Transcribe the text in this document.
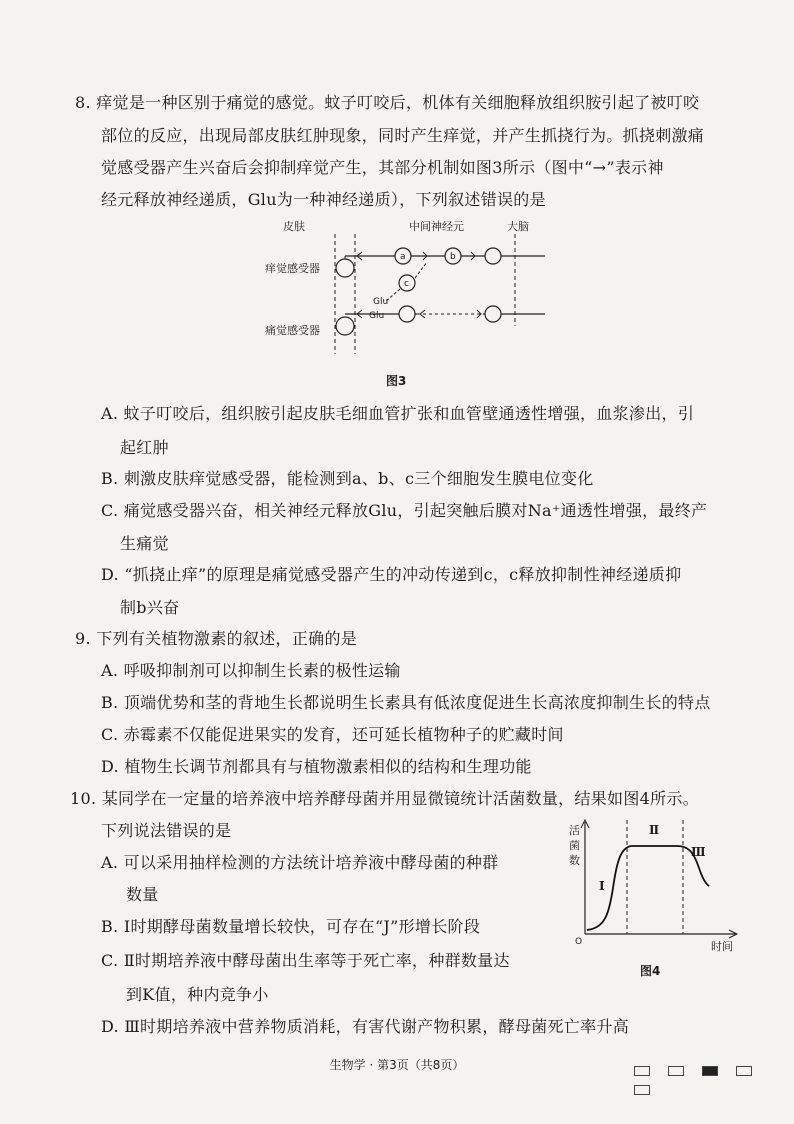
8. 痒觉是一种区别于痛觉的感觉。蚊子叮咬后，机体有关细胞释放组织胺引起了被叮咬
部位的反应，出现局部皮肤红肿现象，同时产生痒觉，并产生抓挠行为。抓挠刺激痛
觉感受器产生兴奋后会抑制痒觉产生，其部分机制如图3所示（图中“→”表示神
经元释放神经递质，Glu为一种神经递质），下列叙述错误的是
皮肤	中间神经元	大脑
痒觉感受器
痛觉感受器
a	b
c
Glu
Glu
图3
A. 蚊子叮咬后，组织胺引起皮肤毛细血管扩张和血管壁通透性增强，血浆渗出，引
起红肿
B. 刺激皮肤痒觉感受器，能检测到a、b、c三个细胞发生膜电位变化
C. 痛觉感受器兴奋，相关神经元释放Glu，引起突触后膜对Na⁺通透性增强，最终产
生痛觉
D. “抓挠止痒”的原理是痛觉感受器产生的冲动传递到c，c释放抑制性神经递质抑
制b兴奋
9. 下列有关植物激素的叙述，正确的是
A. 呼吸抑制剂可以抑制生长素的极性运输
B. 顶端优势和茎的背地生长都说明生长素具有低浓度促进生长高浓度抑制生长的特点
C. 赤霉素不仅能促进果实的发育，还可延长植物种子的贮藏时间
D. 植物生长调节剂都具有与植物激素相似的结构和生理功能
10. 某同学在一定量的培养液中培养酵母菌并用显微镜统计活菌数量，结果如图4所示。
下列说法错误的是
A. 可以采用抽样检测的方法统计培养液中酵母菌的种群
数量
B. Ⅰ时期酵母菌数量增长较快，可存在“J”形增长阶段
C. Ⅱ时期培养液中酵母菌出生率等于死亡率，种群数量达
到K值，种内竞争小
D. Ⅲ时期培养液中营养物质消耗，有害代谢产物积累，酵母菌死亡率升高
活
菌
数
O	时间
Ⅱ
Ⅲ
Ⅰ
图4
生物学 · 第3页（共8页）
